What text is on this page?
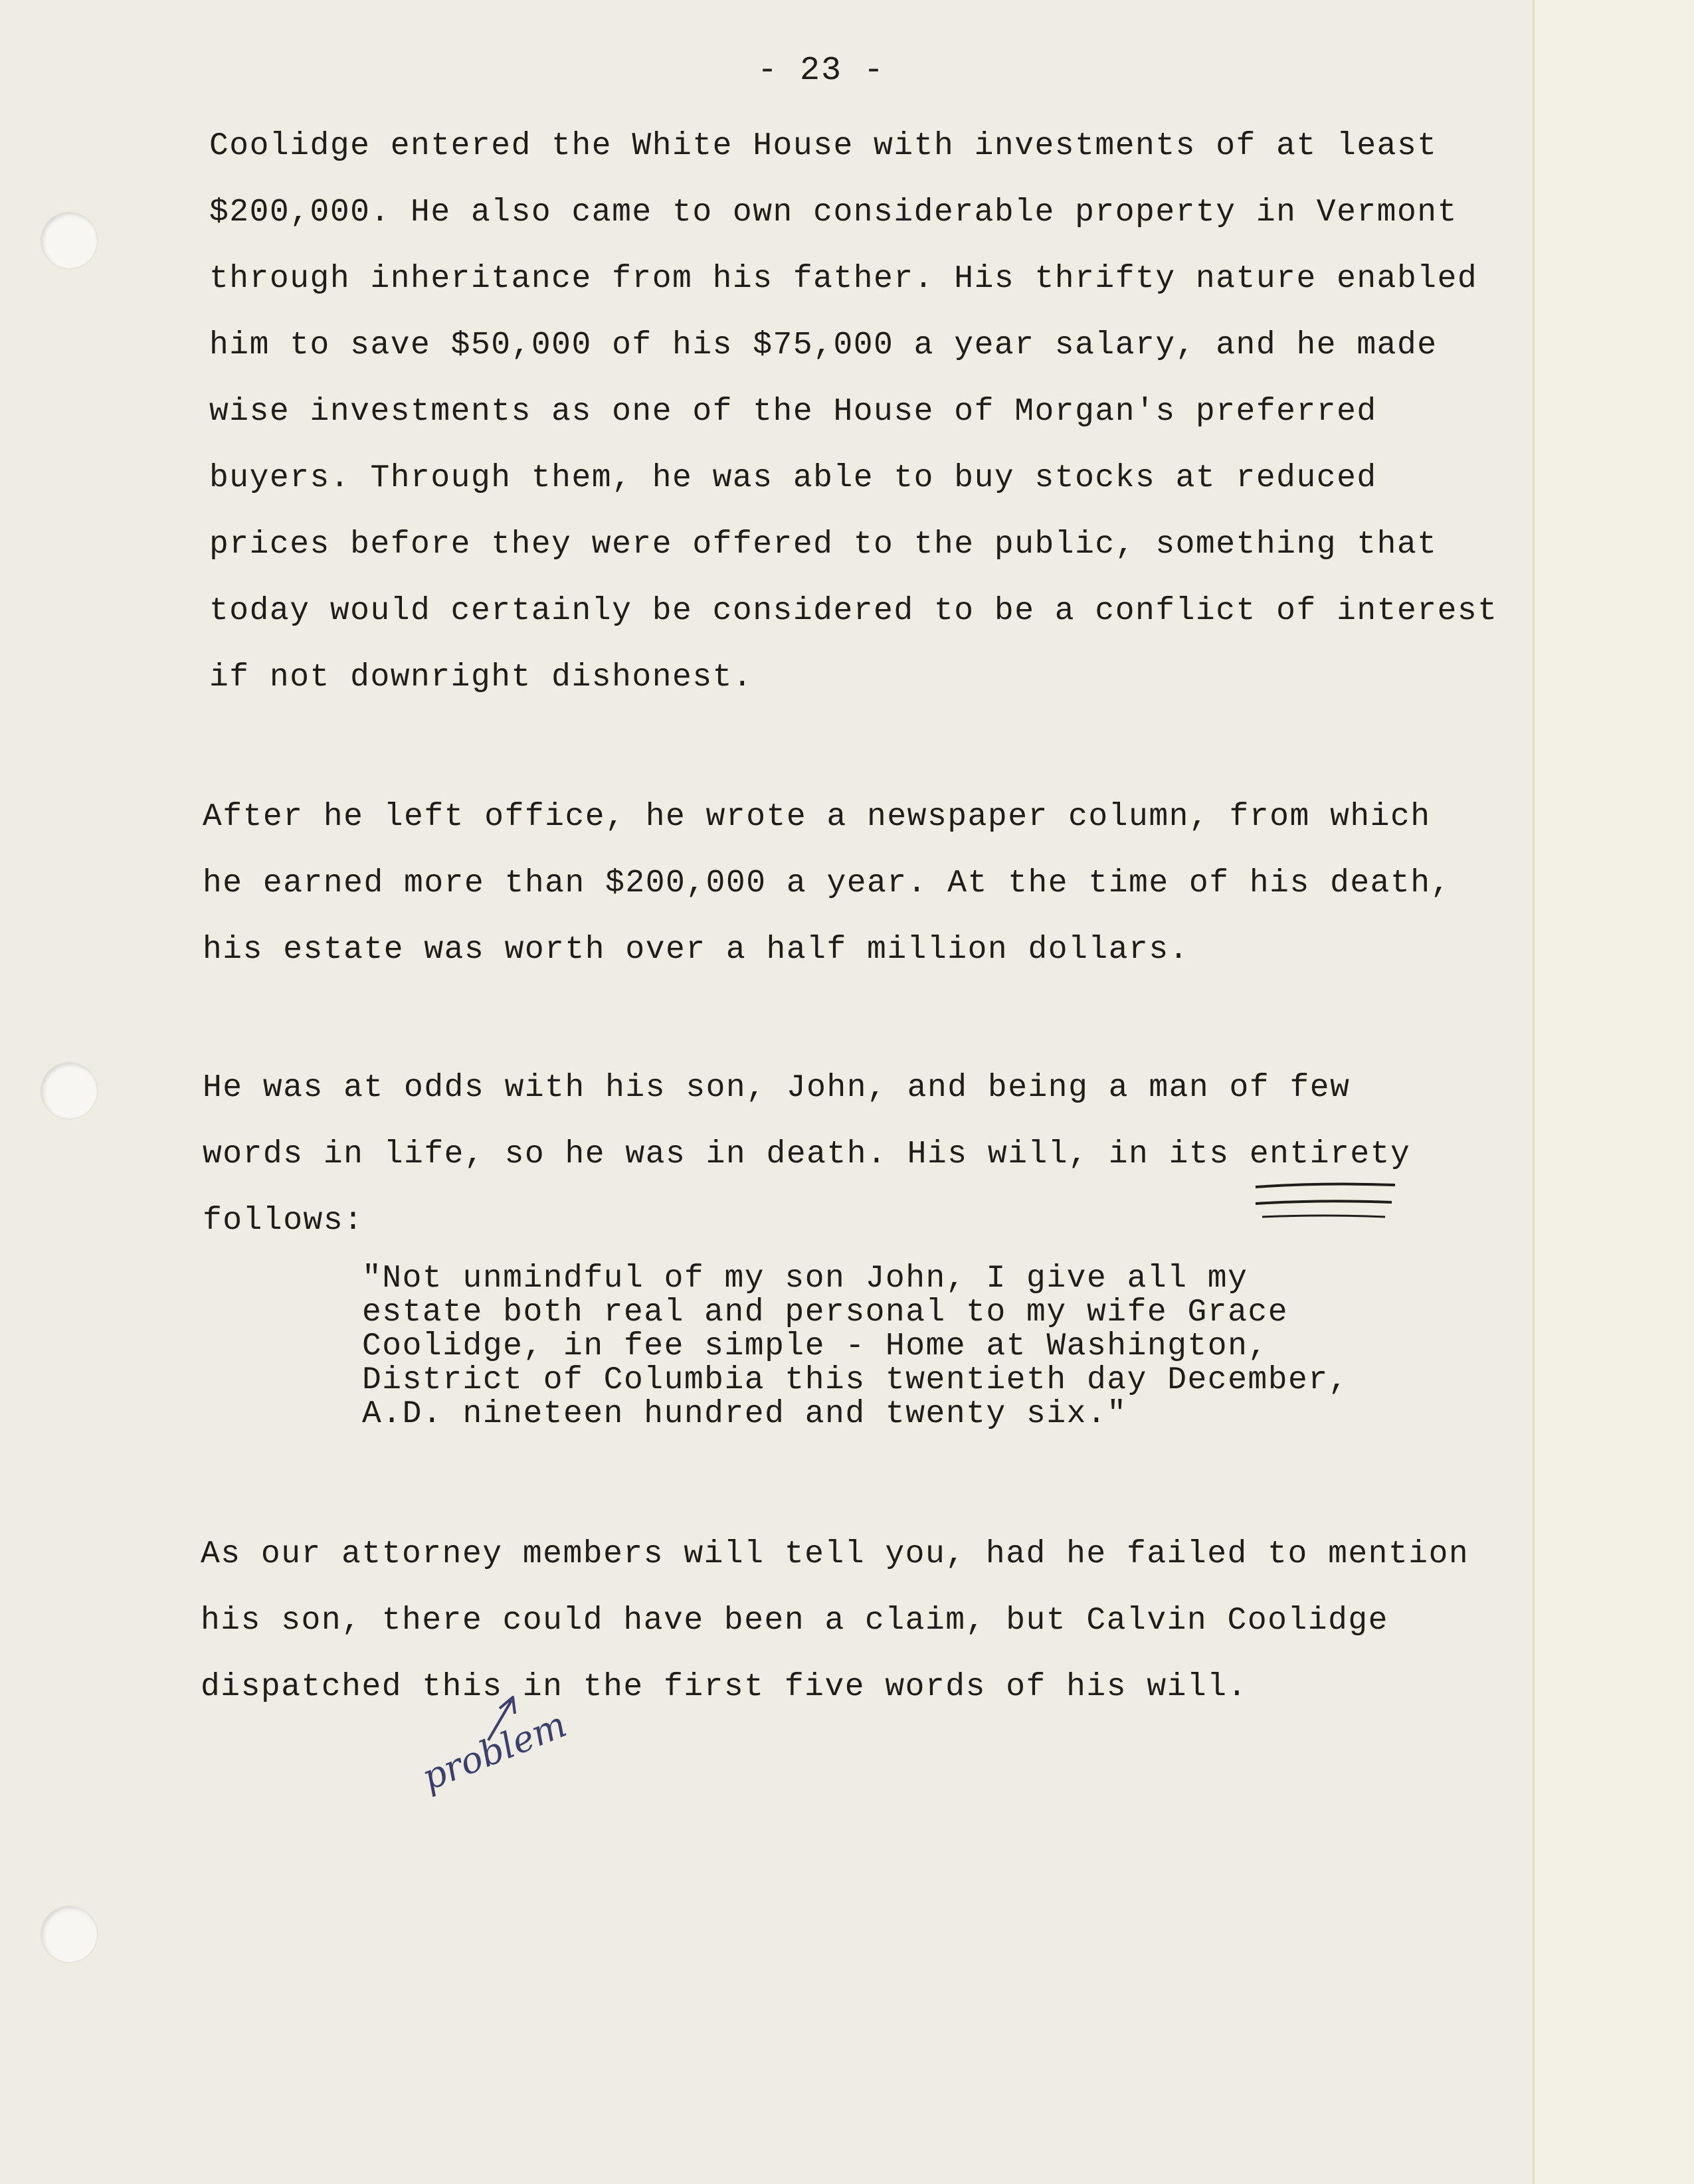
- 23 -
Coolidge entered the White House with investments of at least
$200,000. He also came to own considerable property in Vermont
through inheritance from his father. His thrifty nature enabled
him to save $50,000 of his $75,000 a year salary, and he made
wise investments as one of the House of Morgan's preferred
buyers. Through them, he was able to buy stocks at reduced
prices before they were offered to the public, something that
today would certainly be considered to be a conflict of interest
if not downright dishonest.
After he left office, he wrote a newspaper column, from which
he earned more than $200,000 a year. At the time of his death,
his estate was worth over a half million dollars.
He was at odds with his son, John, and being a man of few
words in life, so he was in death. His will, in its entirety
follows:
"Not unmindful of my son John, I give all my
estate both real and personal to my wife Grace
Coolidge, in fee simple - Home at Washington,
District of Columbia this twentieth day December,
A.D. nineteen hundred and twenty six."
As our attorney members will tell you, had he failed to mention
his son, there could have been a claim, but Calvin Coolidge
dispatched this in the first five words of his will.
problem
